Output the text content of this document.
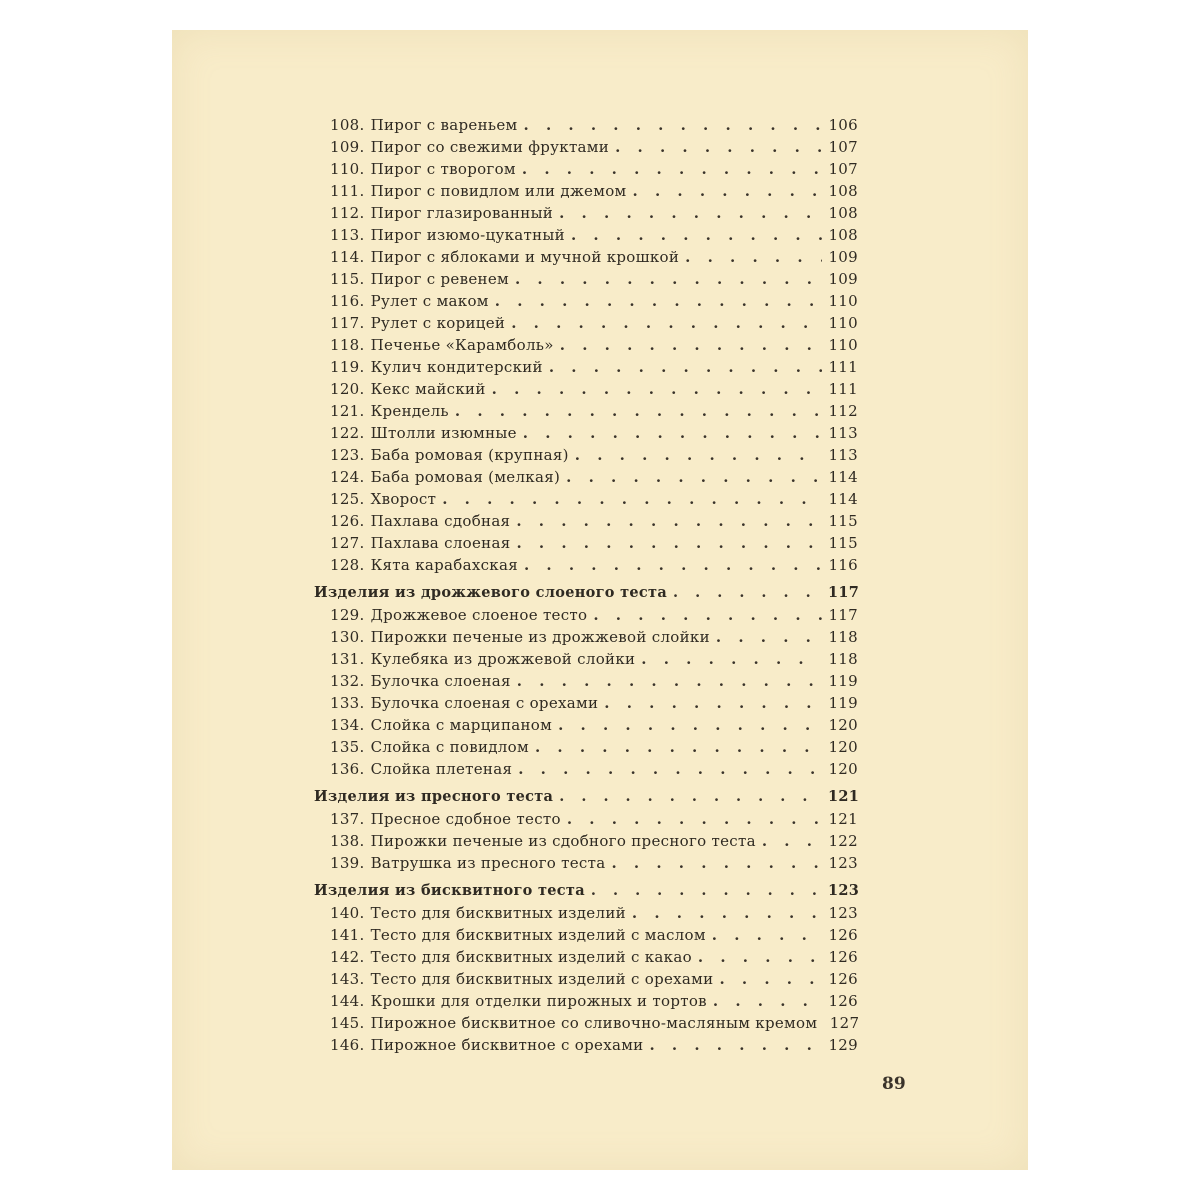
108. Пирог с вареньем . . .	106
109. Пирог со свежими фруктами . . .	107
110. Пирог с творогом . . .	107
111. Пирог с повидлом или джемом . . .	108
112. Пирог глазированный . . .	108
113. Пирог изюмо-цукатный . . .	108
114. Пирог с яблоками и мучной крошкой . . .	109
115. Пирог с ревенем . . .	109
116. Рулет с маком . . .	110
117. Рулет с корицей . . .	110
118. Печенье «Карамболь» . . .	110
119. Кулич кондитерский . . .	111
120. Кекс майский . . .	111
121. Крендель . . .	112
122. Штолли изюмные . . .	113
123. Баба ромовая (крупная) . . .	113
124. Баба ромовая (мелкая) . . .	114
125. Хворост . . .	114
126. Пахлава сдобная . . .	115
127. Пахлава слоеная . . .	115
128. Кята карабахская . . .	116
Изделия из дрожжевого слоеного теста . . .	117
129. Дрожжевое слоеное тесто . . .	117
130. Пирожки печеные из дрожжевой слойки . . .	118
131. Кулебяка из дрожжевой слойки . . .	118
132. Булочка слоеная . . .	119
133. Булочка слоеная с орехами . . .	119
134. Слойка с марципаном . . .	120
135. Слойка с повидлом . . .	120
136. Слойка плетеная . . .	120
Изделия из пресного теста . . .	121
137. Пресное сдобное тесто . . .	121
138. Пирожки печеные из сдобного пресного теста . . .	122
139. Ватрушка из пресного теста . . .	123
Изделия из бисквитного теста . . .	123
140. Тесто для бисквитных изделий . . .	123
141. Тесто для бисквитных изделий с маслом . . .	126
142. Тесто для бисквитных изделий с какао . . .	126
143. Тесто для бисквитных изделий с орехами . . .	126
144. Крошки для отделки пирожных и тортов . . .	126
145. Пирожное бисквитное со сливочно-масляным кремом 127
146. Пирожное бисквитное с орехами . . .	129
89
